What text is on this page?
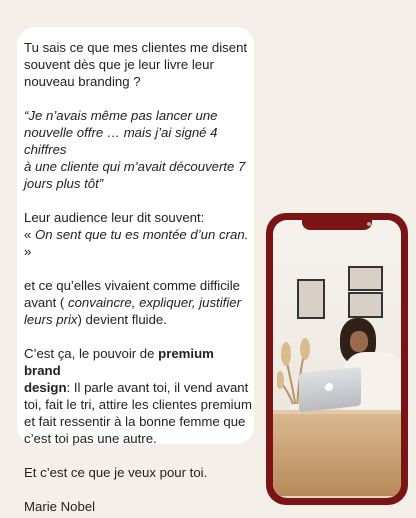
Tu sais ce que mes clientes me disent

souvent dès que je leur livre leur

nouveau branding ?

“Je n’avais même pas lancer une

nouvelle offre … mais j’ai signé 4 chiffres

à une cliente qui m’avait découverte 7

jours plus tôt”

Leur audience leur dit souvent:

« On sent que tu es montée d’un cran. »

et ce qu’elles vivaient comme difficile

avant ( convaincre, expliquer, justifier

leurs prix) devient fluide.

C’est ça, le pouvoir de premium brand

design: Il parle avant toi, il vend avant

toi, fait le tri, attire les clientes premium

et fait ressentir à la bonne femme que

c’est toi pas une autre.

Et c’est ce que je veux pour toi.

Marie Nobel
